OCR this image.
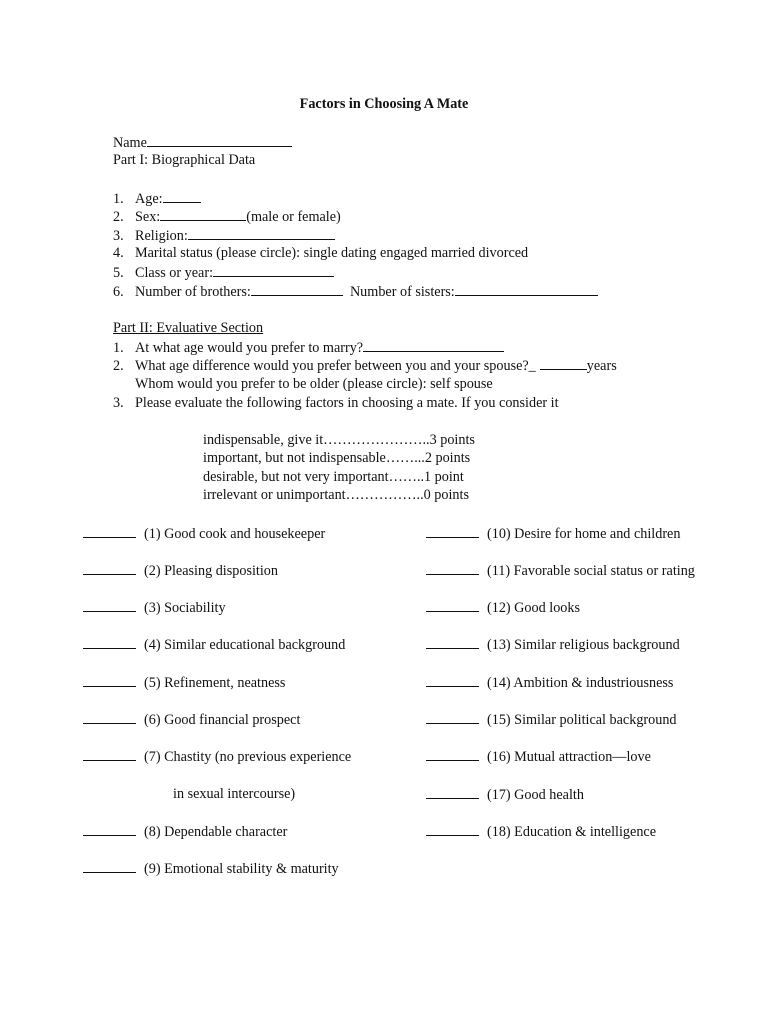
Factors in Choosing A Mate
Name
Part I: Biographical Data
1. Age:
2. Sex:	(male or female)
3. Religion:
4. Marital status (please circle): single dating engaged married divorced
5. Class or year:
6. Number of brothers:	Number of sisters:
Part II: Evaluative Section
1. At what age would you prefer to marry?
2. What age difference would you prefer between you and your spouse?_	years
Whom would you prefer to be older (please circle): self spouse
3. Please evaluate the following factors in choosing a mate. If you consider it
indispensable, give it…………………..3 points
important, but not indispensable……...2 points
desirable, but not very important……..1 point
irrelevant or unimportant……………..0 points
(1) Good cook and housekeeper
(2) Pleasing disposition
(3) Sociability
(4) Similar educational background
(5) Refinement, neatness
(6) Good financial prospect
(7) Chastity (no previous experience
in sexual intercourse)
(8) Dependable character
(9) Emotional stability & maturity
(10) Desire for home and children
(11) Favorable social status or rating
(12) Good looks
(13) Similar religious background
(14) Ambition & industriousness
(15) Similar political background
(16) Mutual attraction—love
(17) Good health
(18) Education & intelligence
